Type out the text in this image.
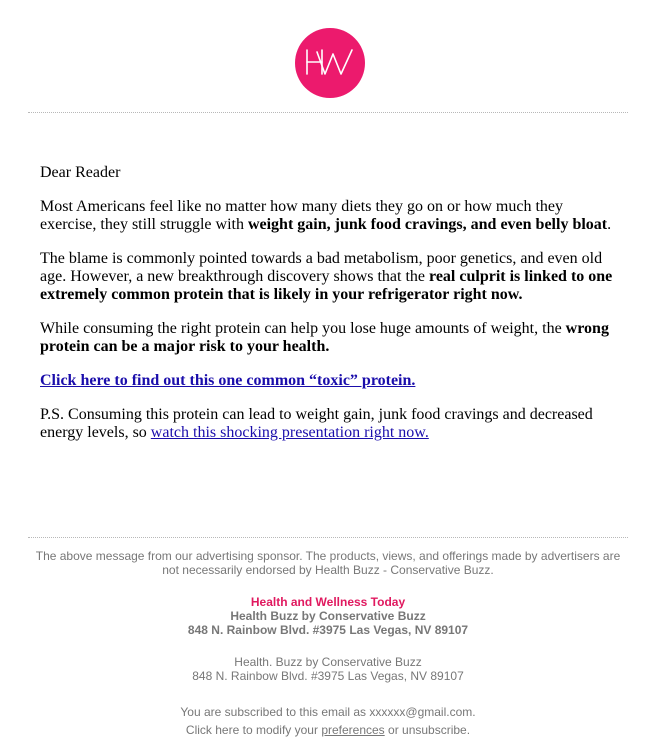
Dear Reader

Most Americans feel like no matter how many diets they go on or how much they exercise, they still struggle with weight gain, junk food cravings, and even belly bloat.

The blame is commonly pointed towards a bad metabolism, poor genetics, and even old age. However, a new breakthrough discovery shows that the real culprit is linked to one extremely common protein that is likely in your refrigerator right now.

While consuming the right protein can help you lose huge amounts of weight, the wrong protein can be a major risk to your health.

Click here to find out this one common “toxic” protein.

P.S. Consuming this protein can lead to weight gain, junk food cravings and decreased energy levels, so watch this shocking presentation right now.

The above message from our advertising sponsor. The products, views, and offerings made by advertisers are not necessarily endorsed by Health Buzz - Conservative Buzz.
Health and Wellness Today
Health Buzz by Conservative Buzz
848 N. Rainbow Blvd. #3975 Las Vegas, NV 89107
Health. Buzz by Conservative Buzz
848 N. Rainbow Blvd. #3975 Las Vegas, NV 89107
You are subscribed to this email as xxxxxx@gmail.com.
Click here to modify your preferences or unsubscribe.
